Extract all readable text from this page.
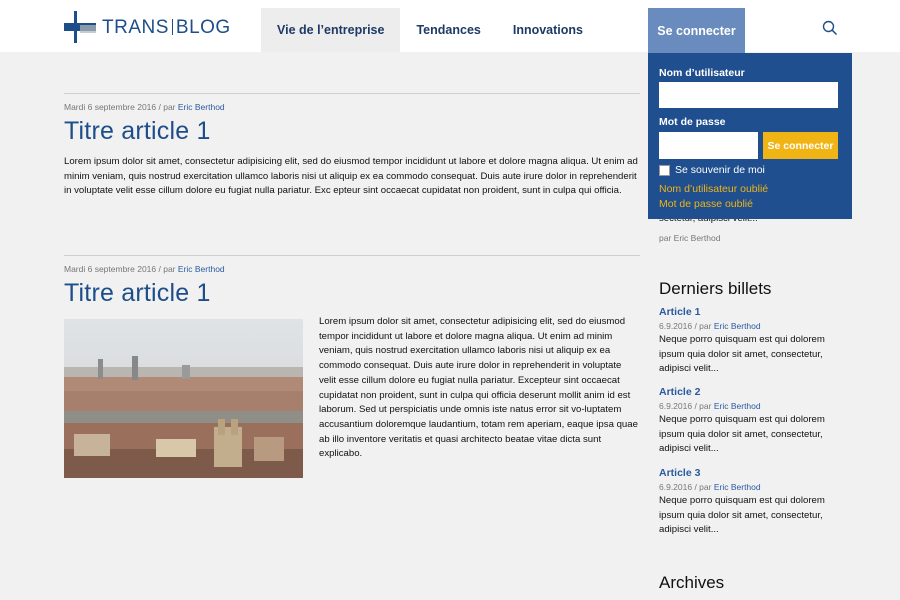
TRANS BLOG	Vie de l’entreprise	Tendances	Innovations	Se connecter
Mardi 6 septembre 2016 / par Eric Berthod
Titre article 1

Lorem ipsum dolor sit amet, consectetur adipisicing elit, sed do eiusmod tempor incididunt ut labore et dolore magna aliqua. Ut enim ad minim veniam, quis nostrud exercitation ullamco laboris nisi ut aliquip ex ea commodo consequat. Duis aute irure dolor in reprehenderit in voluptate velit esse cillum dolore eu fugiat nulla pariatur. Exc epteur sint occaecat cupidatat non proident, sunt in culpa qui officia.

Mardi 6 septembre 2016 / par Eric Berthod
Titre article 1

Lorem ipsum dolor sit amet, consectetur adipisicing elit, sed do eiusmod tempor incididunt ut labore et dolore magna aliqua. Ut enim ad minim veniam, quis nostrud exercitation ullamco laboris nisi ut aliquip ex ea commodo consequat. Duis aute irure dolor in reprehenderit in voluptate velit esse cillum dolore eu fugiat nulla pariatur. Excepteur sint occaecat cupidatat non proident, sunt in culpa qui officia deserunt mollit anim id est laborum. Sed ut perspiciatis unde omnis iste natus error sit vo-luptatem accusantium doloremque laudantium, totam rem aperiam, eaque ipsa quae ab illo inventore veritatis et quasi architecto beatae vitae dicta sunt explicabo.

par Eric Berthod
Derniers billets
Article 1
6.9.2016 / par Eric Berthod

Neque porro quisquam est qui dolorem ipsum quia dolor sit amet, consectetur, adipisci velit...

Article 2
6.9.2016 / par Eric Berthod

Neque porro quisquam est qui dolorem ipsum quia dolor sit amet, consectetur, adipisci velit...

Article 3
6.9.2016 / par Eric Berthod

Neque porro quisquam est qui dolorem ipsum quia dolor sit amet, consectetur, adipisci velit...

Archives
Nom d’utilisateur
Mot de passe
Se connecter
Se souvenir de moi
Nom d’utilisateur oublié
Mot de passe oublié
